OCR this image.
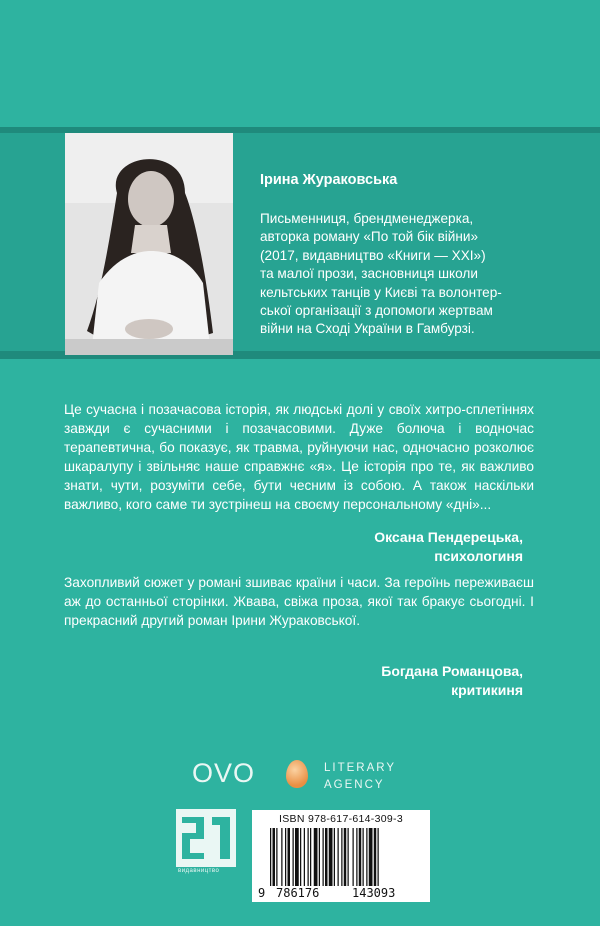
Ірина Жураковська
Письменниця, брендменеджерка,
авторка роману «По той бік війни»
(2017, видавництво «Книги — XXI»)
та малої прози, засновниця школи
кельтських танців у Києві та волонтер-
ської організації з допомоги жертвам
війни на Сході України в Гамбурзі.
Це сучасна і позачасова історія, як людські долі у своїх хитро-сплетіннях завжди є сучасними і позачасовими. Дуже болюча і водночас терапевтична, бо показує, як травма, руйнуючи нас, одночасно розколює шкаралупу і звільняє наше справжнє «я». Це історія про те, як важливо знати, чути, розуміти себе, бути чесним із собою. А також наскільки важливо, кого саме ти зустрінеш на своєму персональному «дні»...
Оксана Пендерецька,
психологиня
Захопливий сюжет у романі зшиває країни і часи. За героїнь переживаєш аж до останньої сторінки. Жвава, свіжа проза, якої так бракує сьогодні. І прекрасний другий роман Ірини Жураковської.
Богдана Романцова,
критикиня
OVO	LITERARY
AGENCY
видавництво
ISBN 978-617-614-309-3
9 786176	143093
